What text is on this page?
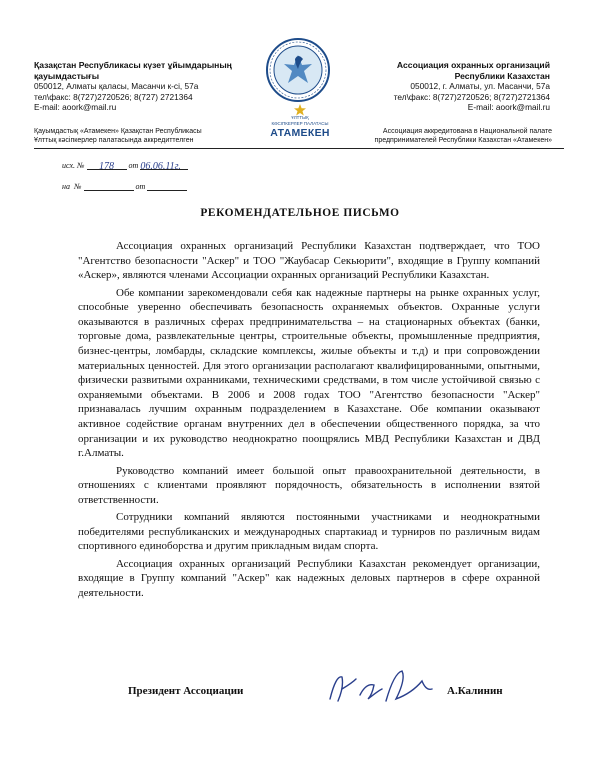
Қазақстан Республикасы күзет ұйымдарының қауымдастығы
050012, Алматы қаласы, Масанчи к-сі, 57а
тел\факс: 8(727)2720526; 8(727) 2721364
E-mail: aoork@mail.ru
ҰЛТТЫҚ
КӘСІПКЕРЛЕР ПАЛАТАСЫ
АТАМЕКЕН
Ассоциация охранных организаций
Республики Казахстан
050012, г. Алматы, ул. Масанчи, 57а
тел\факс: 8(727)2720526; 8(727)2721364
E-mail: aoork@mail.ru
Қауымдастық «Атамекен» Қазақстан Республикасы
Ұлттық кәсіпкерлер палатасында аккредиттелген
Ассоциация аккредитована в Национальной палате
предпринимателей Республики Казахстан «Атамекен»
исх. № 178 от 06.06.11г.
на №	от
РЕКОМЕНДАТЕЛЬНОЕ ПИСЬМО

Ассоциация охранных организаций Республики Казахстан подтверждает, что ТОО "Агентство безопасности "Аскер" и ТОО "Жаубасар Секьюрити", входящие в Группу компаний «Аскер», являются членами Ассоциации охранных организаций Республики Казахстан.

Обе компании зарекомендовали себя как надежные партнеры на рынке охранных услуг, способные уверенно обеспечивать безопасность охраняемых объектов. Охранные услуги оказываются в различных сферах предпринимательства – на стационарных объектах (банки, торговые дома, развлекательные центры, строительные объекты, промышленные предприятия, бизнес-центры, ломбарды, складские комплексы, жилые объекты и т.д) и при сопровождении материальных ценностей. Для этого организации располагают квалифицированными, опытными, физически развитыми охранниками, техническими средствами, в том числе устойчивой связью с охраняемыми объектами. В 2006 и 2008 годах ТОО "Агентство безопасности "Аскер" признавалась лучшим охранным подразделением в Казахстане. Обе компании оказывают активное содействие органам внутренних дел в обеспечении общественного порядка, за что организации и их руководство неоднократно поощрялись МВД Республики Казахстан и ДВД г.Алматы.

Руководство компаний имеет большой опыт правоохранительной деятельности, в отношениях с клиентами проявляют порядочность, обязательность в исполнении взятой ответственности.

Сотрудники компаний являются постоянными участниками и неоднократными победителями республиканских и международных спартакиад и турниров по различным видам спортивного единоборства и другим прикладным видам спорта.

Ассоциация охранных организаций Республики Казахстан рекомендует организации, входящие в Группу компаний "Аскер" как надежных деловых партнеров в сфере охранной деятельности.

Президент Ассоциации	А.Калинин
